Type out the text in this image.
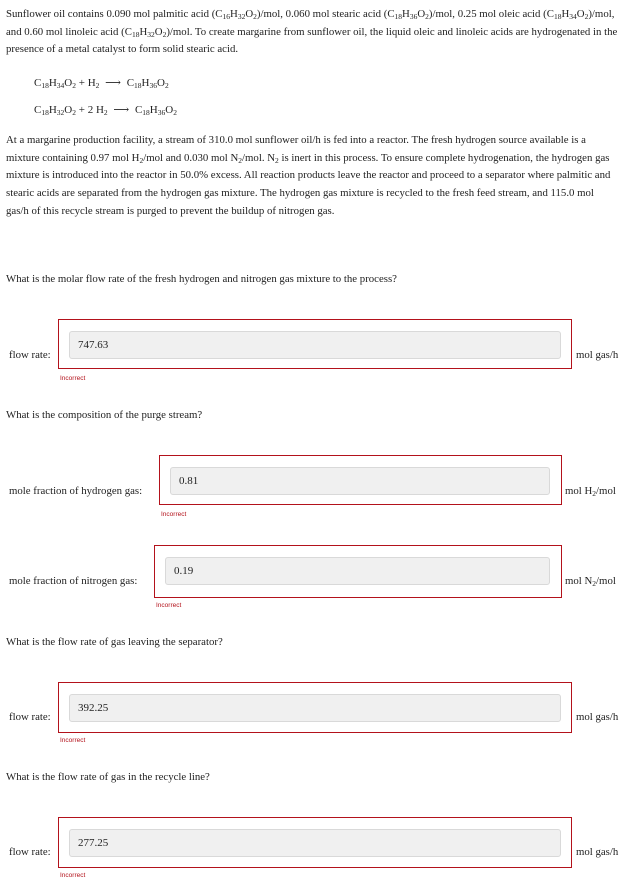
Sunflower oil contains 0.090 mol palmitic acid $(C_{16}H_{32}O_2)$/mol, 0.060 mol stearic acid $(C_{18}H_{36}O_2)$/mol, 0.25 mol oleic acid $(C_{18}H_{34}O_2)$/mol, and 0.60 mol linoleic acid $(C_{18}H_{32}O_2)$/mol. To create margarine from sunflower oil, the liquid oleic and linoleic acids are hydrogenated in the presence of a metal catalyst to form solid stearic acid.

$C_{18}H_{34}O_2 + H_2$ ⟶ $C_{18}H_{36}O_2$
$C_{18}H_{32}O_2 + 2$ $H_2$ ⟶ $C_{18}H_{36}O_2$

At a margarine production facility, a stream of 310.0 mol sunflower oil/h is fed into a reactor. The fresh hydrogen source available is a mixture containing 0.97 mol $H_2$/mol and 0.030 mol $N_2$/mol. $N_2$ is inert in this process. To ensure complete hydrogenation, the hydrogen gas mixture is introduced into the reactor in 50.0% excess. All reaction products leave the reactor and proceed to a separator where palmitic and stearic acids are separated from the hydrogen gas mixture. The hydrogen gas mixture is recycled to the fresh feed stream, and 115.0 mol gas/h of this recycle stream is purged to prevent the buildup of nitrogen gas.

What is the molar flow rate of the fresh hydrogen and nitrogen gas mixture to the process?

747.63
flow rate:	mol gas/h
Incorrect

What is the composition of the purge stream?

0.81
mole fraction of hydrogen gas:	mol $H_2$/mol
Incorrect
0.19
mole fraction of nitrogen gas:	mol $N_2$/mol
Incorrect

What is the flow rate of gas leaving the separator?

392.25
flow rate:	mol gas/h
Incorrect

What is the flow rate of gas in the recycle line?

277.25
flow rate:	mol gas/h
Incorrect
